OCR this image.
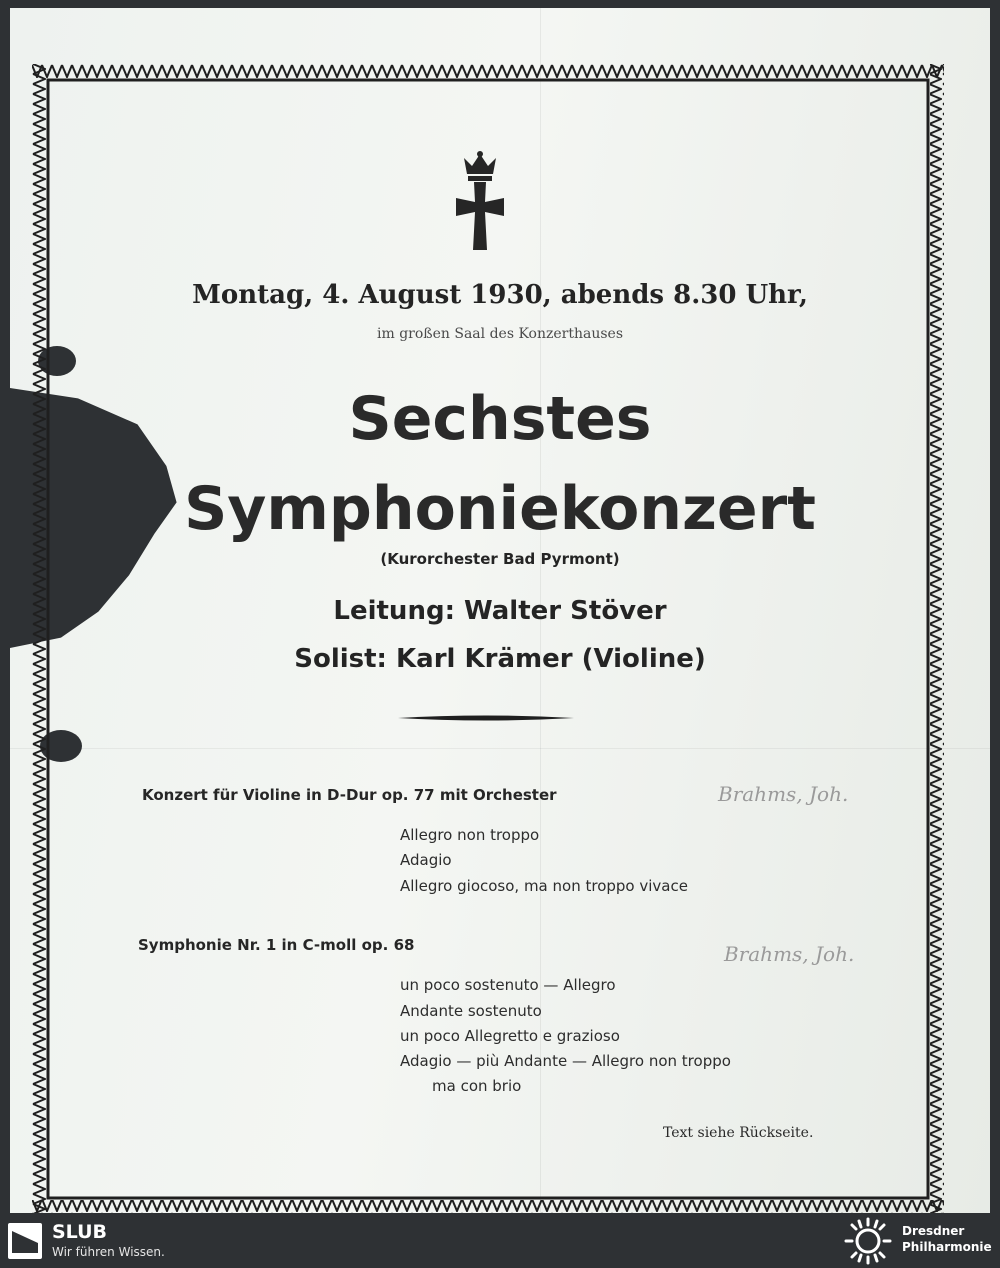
Montag, 4. August 1930, abends 8.30 Uhr,
im großen Saal des Konzerthauses
Sechstes
Symphoniekonzert
(Kurorchester Bad Pyrmont)
Leitung: Walter Stöver
Solist: Karl Krämer (Violine)
Konzert für Violine in D-Dur op. 77 mit Orchester	Brahms, Joh.
Allegro non troppo
Adagio
Allegro giocoso, ma non troppo vivace
Symphonie Nr. 1 in C-moll op. 68	Brahms, Joh.
un poco sostenuto — Allegro
Andante sostenuto
un poco Allegretto e grazioso
Adagio — più Andante — Allegro non troppo
ma con brio
Text siehe Rückseite.
SLUB
Wir führen Wissen.
Dresdner
Philharmonie
